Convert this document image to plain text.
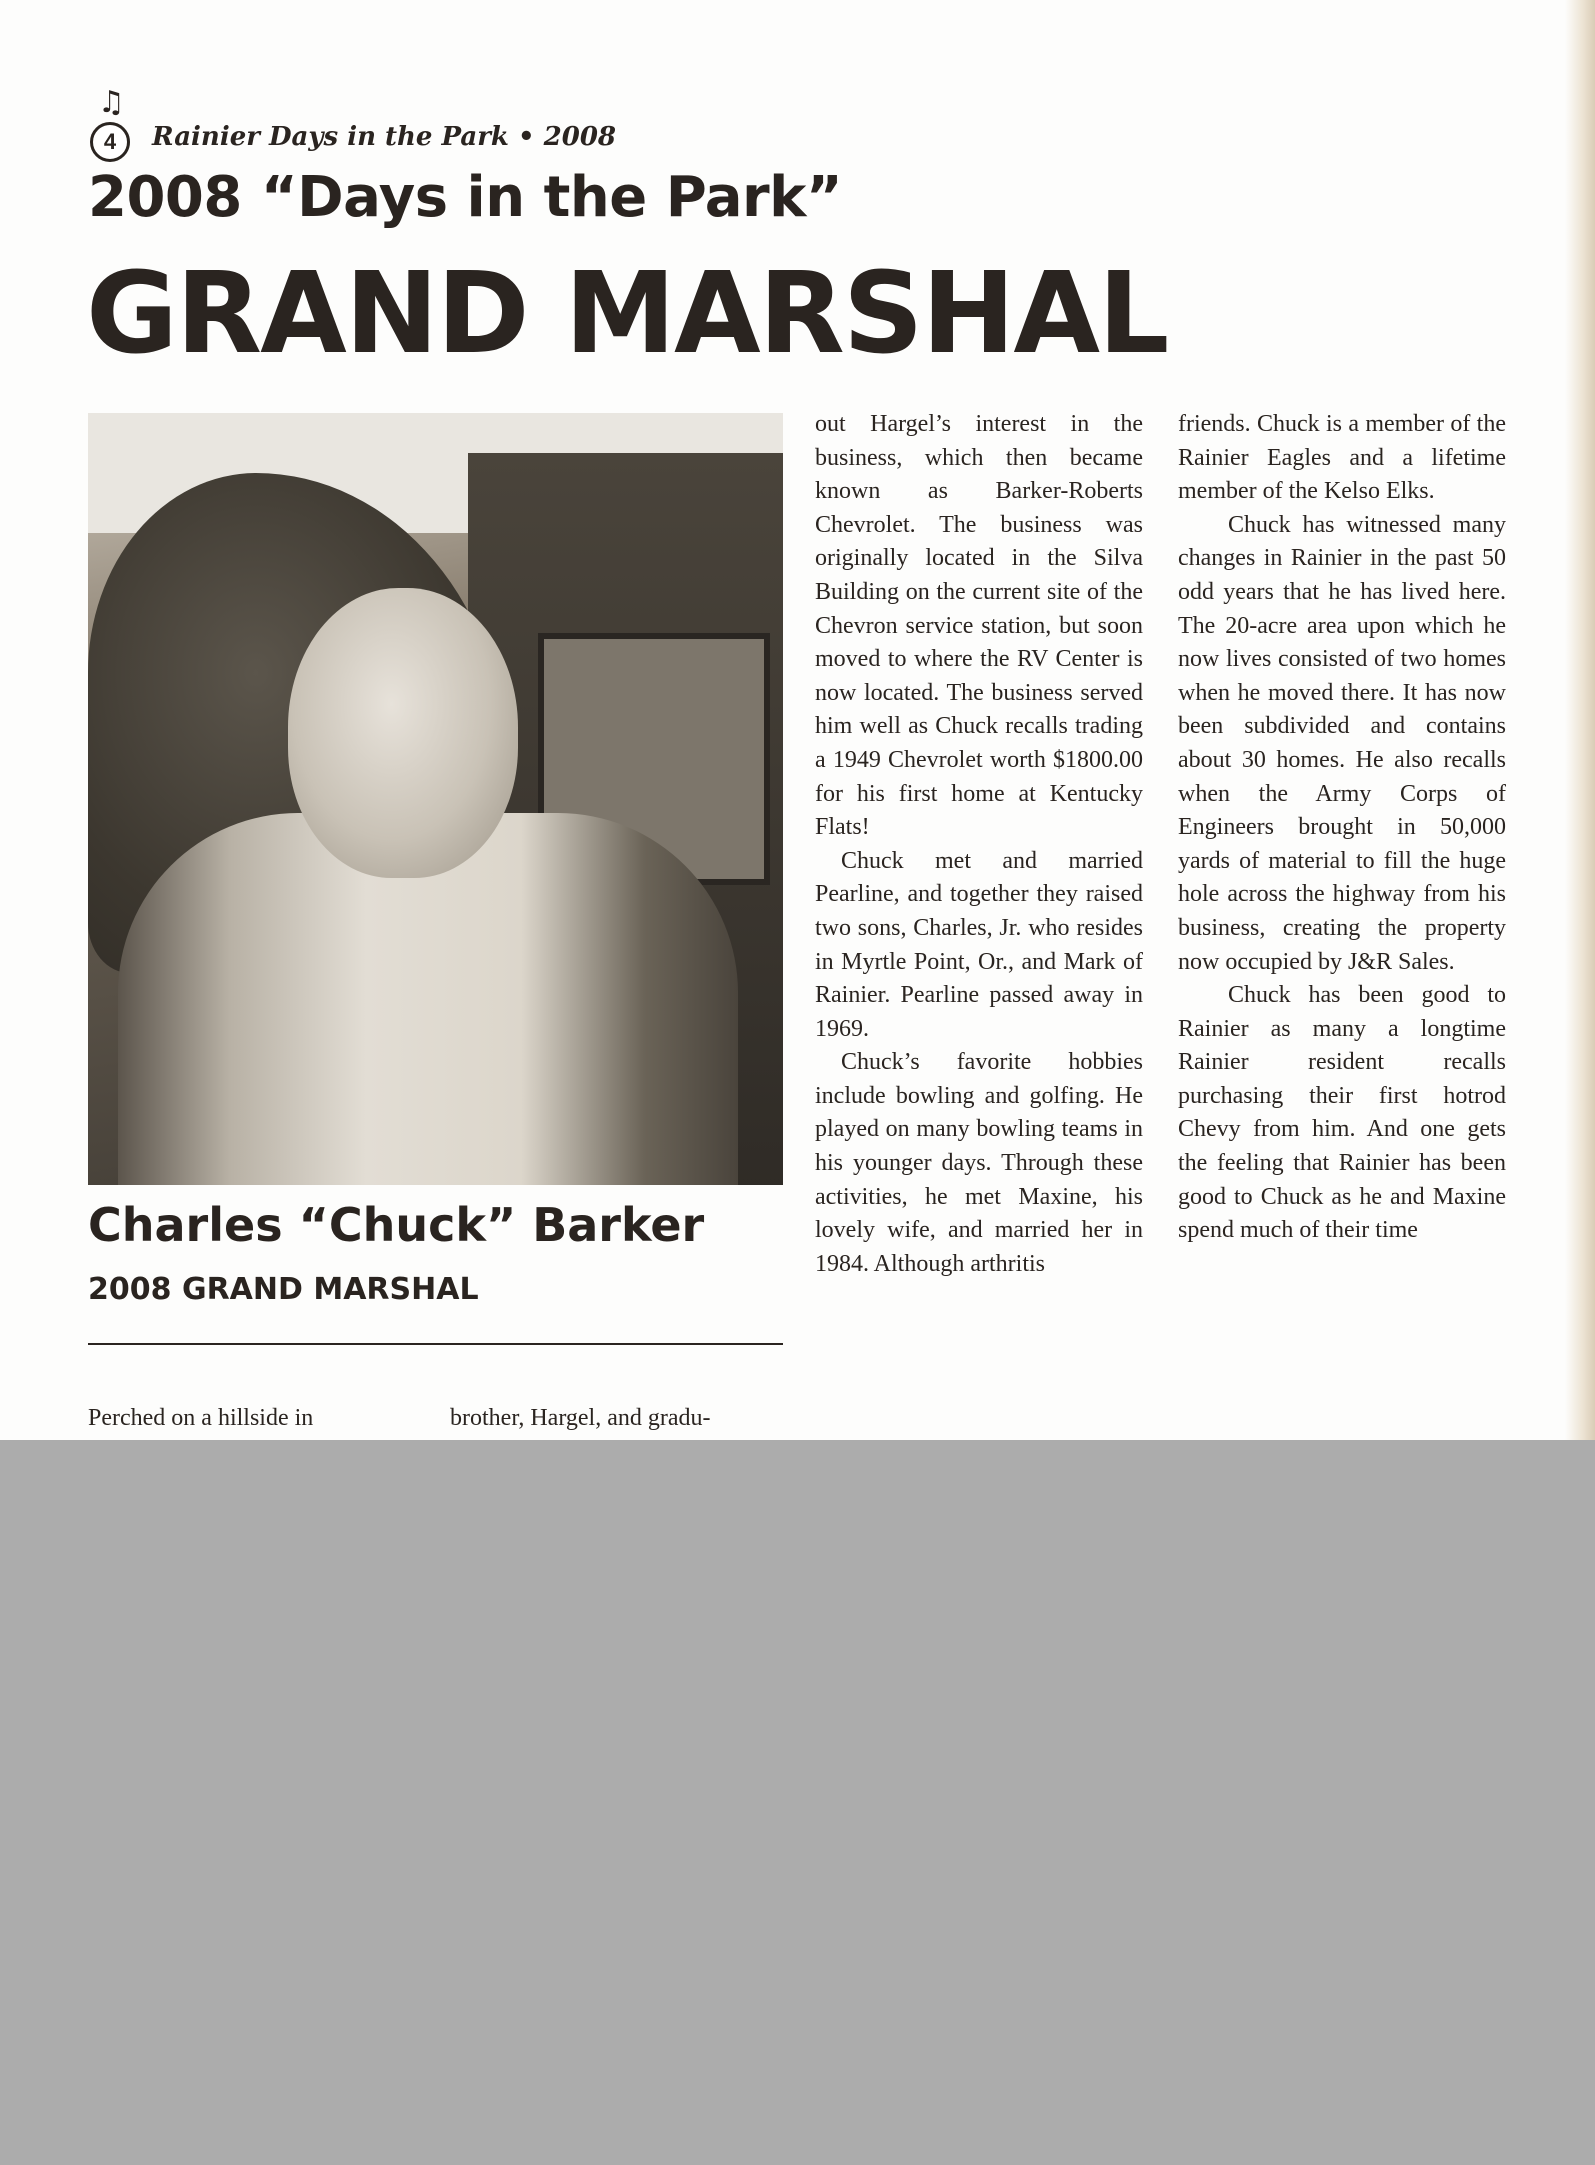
♫
4	Rainier Days in the Park • 2008
2008 “Days in the Park”
GRAND MARSHAL
Charles “Chuck” Barker
2008 GRAND MARSHAL

Perched on a hillside in	brother, Hargel, and gradu-

out Hargel’s interest in the business, which then became known as Barker-Roberts Chevrolet. The business was originally located in the Silva Building on the current site of the Chevron service station, but soon moved to where the RV Center is now located. The business served him well as Chuck recalls trading a 1949 Chevrolet worth $1800.00 for his first home at Kentucky Flats!

Chuck met and married Pearline, and together they raised two sons, Charles, Jr. who resides in Myrtle Point, Or., and Mark of Rainier. Pearline passed away in 1969.

Chuck’s favorite hobbies include bowling and golfing. He played on many bowling teams in his younger days. Through these activities, he met Maxine, his lovely wife, and married her in 1984. Although arthritis

friends. Chuck is a member of the Rainier Eagles and a lifetime member of the Kelso Elks.

Chuck has witnessed many changes in Rainier in the past 50 odd years that he has lived here. The 20-acre area upon which he now lives consisted of two homes when he moved there. It has now been subdivided and contains about 30 homes. He also recalls when the Army Corps of Engineers brought in 50,000 yards of material to fill the huge hole across the highway from his business, creating the property now occupied by J&R Sales.

Chuck has been good to Rainier as many a longtime Rainier resident recalls purchasing their first hotrod Chevy from him. And one gets the feeling that Rainier has been good to Chuck as he and Maxine spend much of their time
